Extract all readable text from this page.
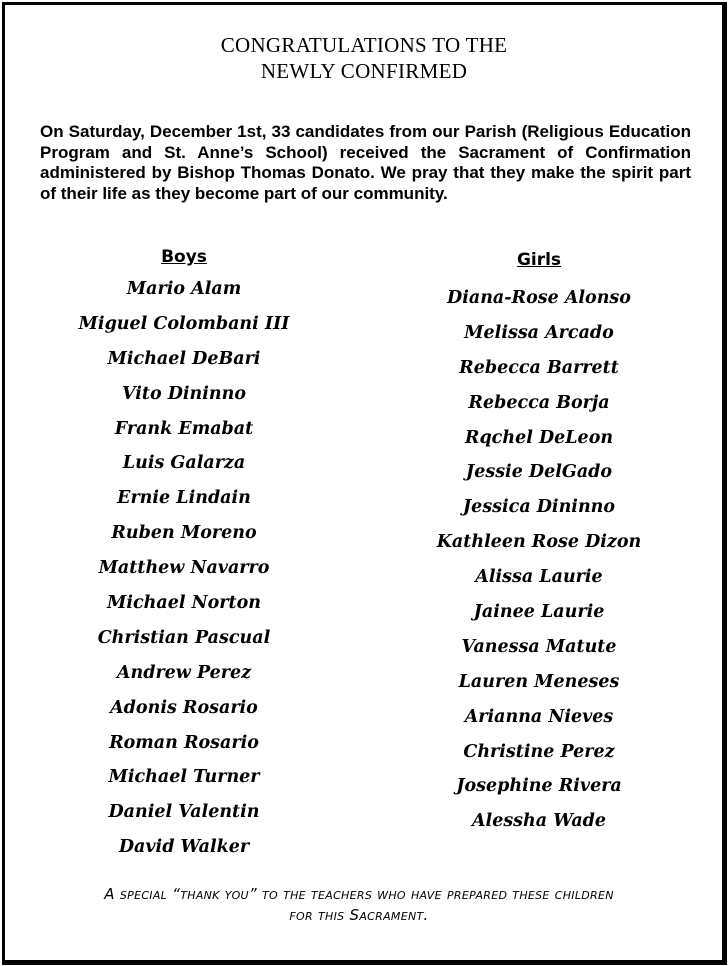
CONGRATULATIONS TO THE
NEWLY CONFIRMED

On Saturday, December 1st, 33 candidates from our Parish (Religious Education Program and St. Anne’s School) received the Sacrament of Confirmation administered by Bishop Thomas Donato. We pray that they make the spirit part of their life as they become part of our community.

Boys
Mario Alam
Miguel Colombani III
Michael DeBari
Vito Dininno
Frank Emabat
Luis Galarza
Ernie Lindain
Ruben Moreno
Matthew Navarro
Michael Norton
Christian Pascual
Andrew Perez
Adonis Rosario
Roman Rosario
Michael Turner
Daniel Valentin
David Walker
Girls
Diana-Rose Alonso
Melissa Arcado
Rebecca Barrett
Rebecca Borja
Rqchel DeLeon
Jessie DelGado
Jessica Dininno
Kathleen Rose Dizon
Alissa Laurie
Jainee Laurie
Vanessa Matute
Lauren Meneses
Arianna Nieves
Christine Perez
Josephine Rivera
Alessha Wade
A special “thank you” to the teachers who have prepared these children
for this Sacrament.
